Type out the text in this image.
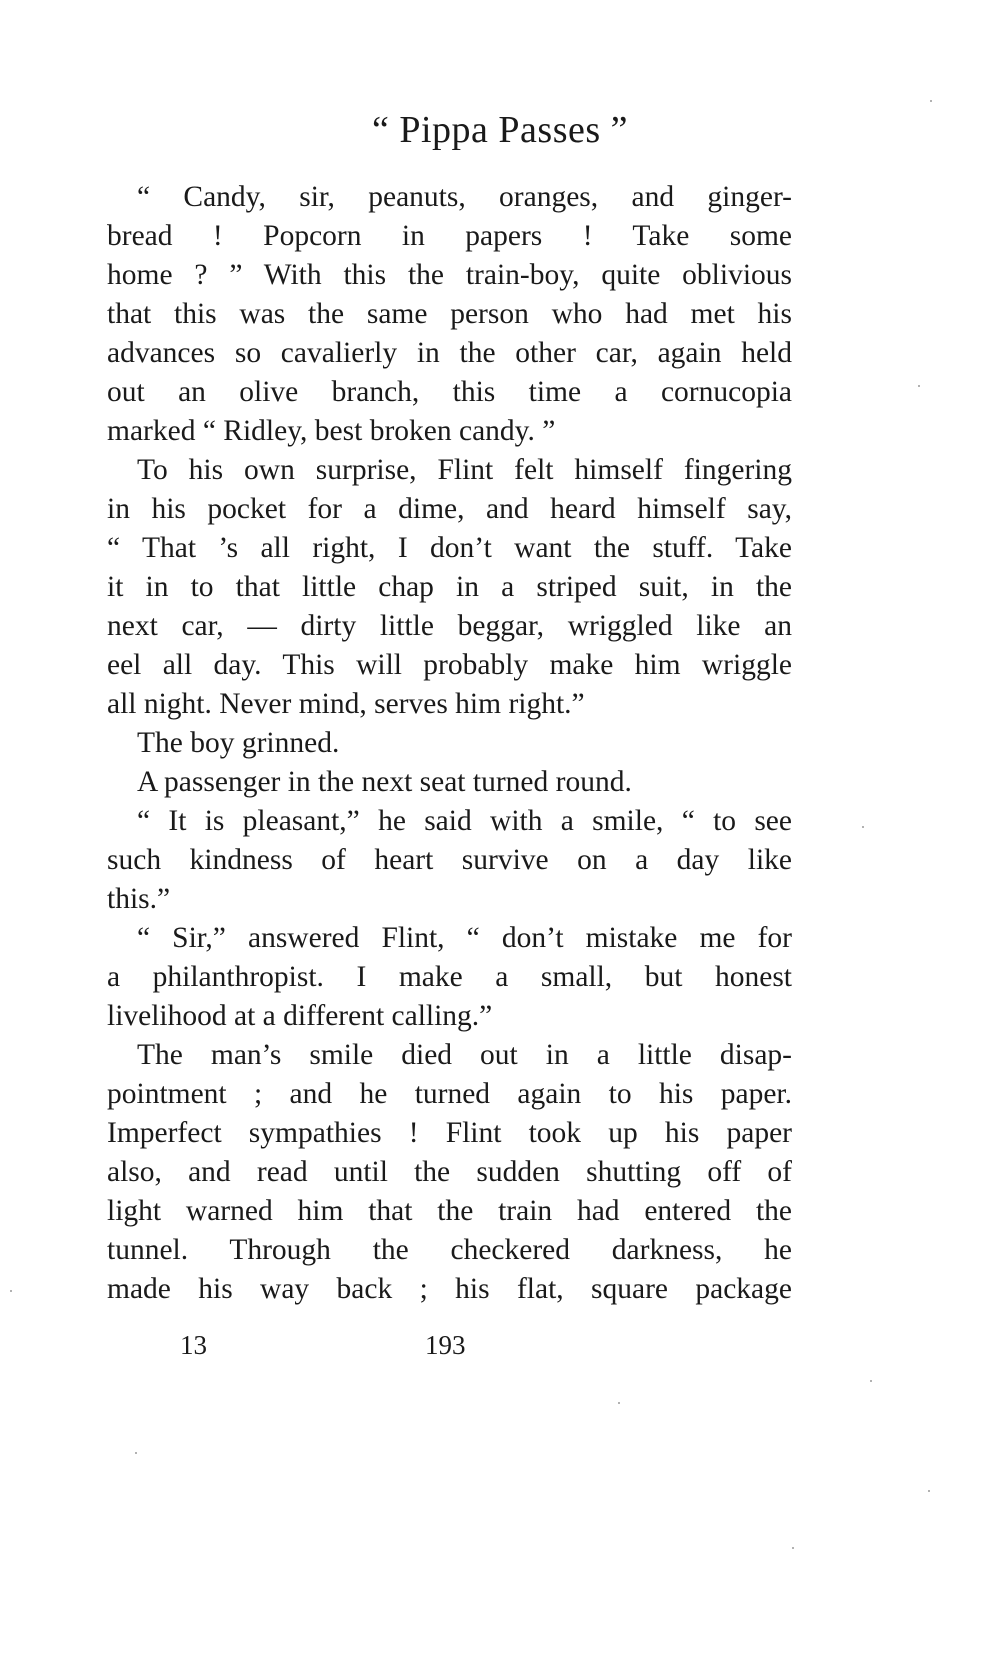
“ Pippa Passes ”
“ Candy, sir, peanuts, oranges, and ginger-
bread ! Popcorn in papers ! Take some
home ? ” With this the train-boy, quite oblivious
that this was the same person who had met his
advances so cavalierly in the other car, again held
out an olive branch, this time a cornucopia
marked “ Ridley, best broken candy. ”
To his own surprise, Flint felt himself fingering
in his pocket for a dime, and heard himself say,
“ That ’s all right, I don’t want the stuff. Take
it in to that little chap in a striped suit, in the
next car, — dirty little beggar, wriggled like an
eel all day. This will probably make him wriggle
all night. Never mind, serves him right.”
The boy grinned.
A passenger in the next seat turned round.
“ It is pleasant,” he said with a smile, “ to see
such kindness of heart survive on a day like
this.”
“ Sir,” answered Flint, “ don’t mistake me for
a philanthropist. I make a small, but honest
livelihood at a different calling.”
The man’s smile died out in a little disap-
pointment ; and he turned again to his paper.
Imperfect sympathies ! Flint took up his paper
also, and read until the sudden shutting off of
light warned him that the train had entered the
tunnel. Through the checkered darkness, he
made his way back ; his flat, square package
13	193
